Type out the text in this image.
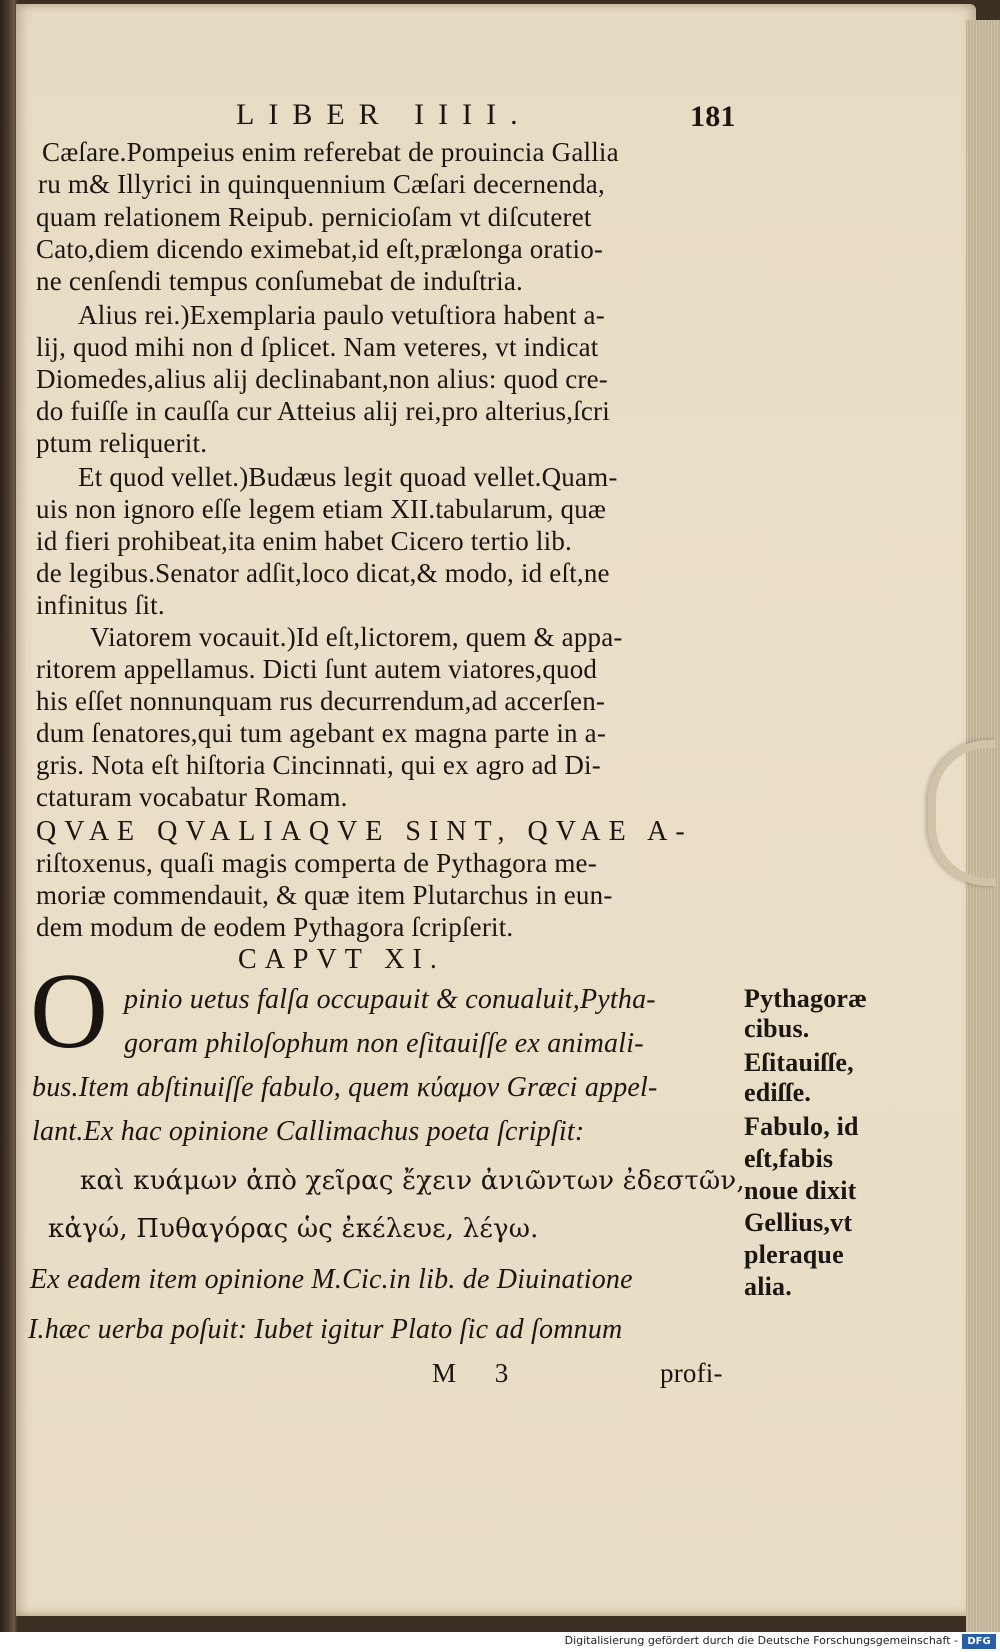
LIBER IIII.	181
Cæſare.Pompeius enim referebat de prouincia Gallia
ru m& Illyrici in quinquennium Cæſari decernenda,
quam relationem Reipub. pernicioſam vt diſcuteret
Cato,diem dicendo eximebat,id eſt,prælonga oratio-
ne cenſendi tempus conſumebat de induſtria.
Alius rei.)Exemplaria paulo vetuſtiora habent a-
lij, quod mihi non d ſplicet. Nam veteres, vt indicat
Diomedes,alius alij declinabant,non alius: quod cre-
do fuiſſe in cauſſa cur Atteius alij rei,pro alterius,ſcri
ptum reliquerit.
Et quod vellet.)Budæus legit quoad vellet.Quam-
uis non ignoro eſſe legem etiam XII.tabularum, quæ
id fieri prohibeat,ita enim habet Cicero tertio lib.
de legibus.Senator adſit,loco dicat,& modo, id eſt,ne
infinitus ſit.
Viatorem vocauit.)Id eſt,lictorem, quem & appa-
ritorem appellamus. Dicti ſunt autem viatores,quod
his eſſet nonnunquam rus decurrendum,ad accerſen-
dum ſenatores,qui tum agebant ex magna parte in a-
gris. Nota eſt hiſtoria Cincinnati, qui ex agro ad Di-
ctaturam vocabatur Romam.
QVAE QVALIAQVE SINT, QVAE A-
riſtoxenus, quaſi magis comperta de Pythagora me-
moriæ commendauit, & quæ item Plutarchus in eun-
dem modum de eodem Pythagora ſcripſerit.
CAPVT XI.
O pinio uetus falſa occupauit & conualuit,Pytha-
goram philoſophum non eſitauiſſe ex animali-
bus.Item abſtinuiſſe fabulo, quem κύαμον Græci appel-
lant.Ex hac opinione Callimachus poeta ſcripſit:
καὶ κυάμων ἀπὸ χεῖρας ἔχειν ἀνιῶντων ἐδεστῶν,
κἀγώ, Πυθαγόρας ὡς ἐκέλευε, λέγω.
Ex eadem item opinione M.Cic.in lib. de Diuinatione
I.hæc uerba poſuit: Iubet igitur Plato ſic ad ſomnum
M 3	profi-
Pythagoræ
cibus.
Eſitauiſſe,
ediſſe.
Fabulo, id
eſt,fabis
noue dixit
Gellius,vt
pleraque
alia.
Digitalisierung gefördert durch die Deutsche Forschungsgemeinschaft - DFG
